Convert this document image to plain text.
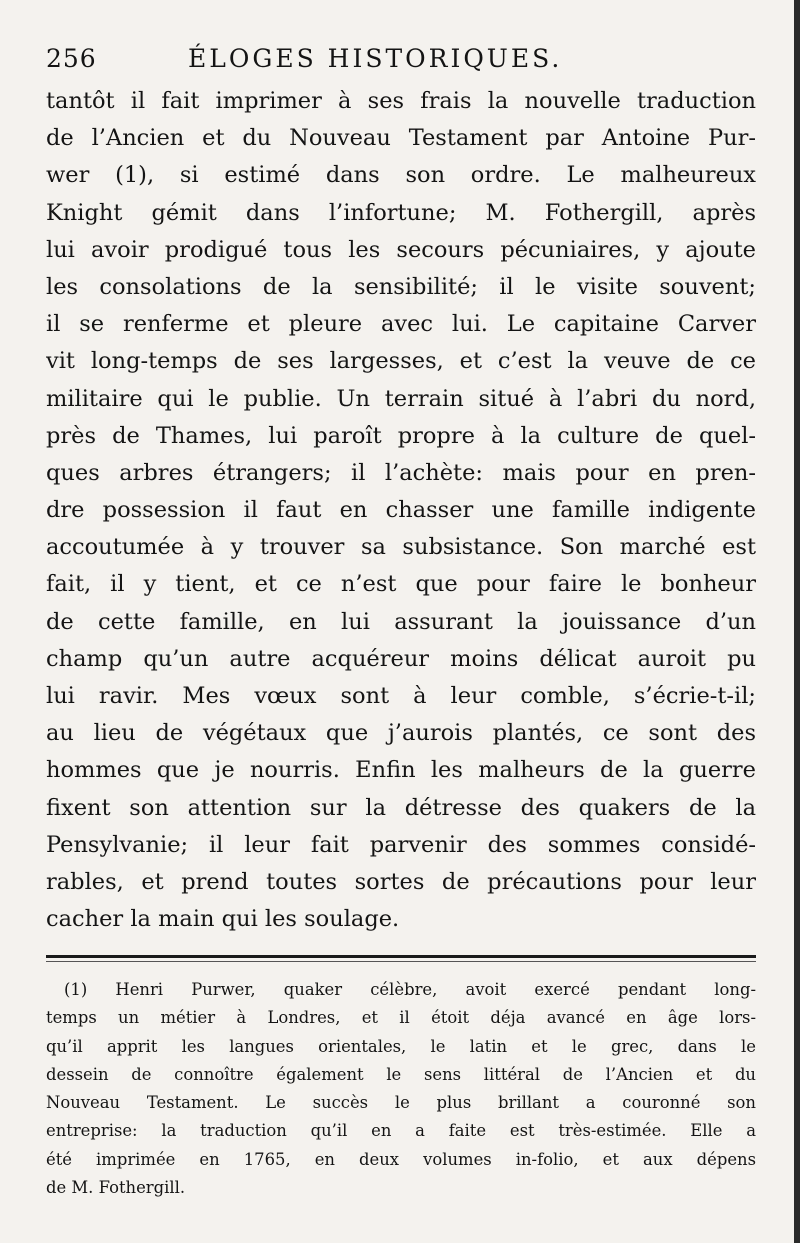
256	ÉLOGES HISTORIQUES.
tantôt il fait imprimer à ses frais la nouvelle traduction
de l’Ancien et du Nouveau Testament par Antoine Pur-
wer (1), si estimé dans son ordre. Le malheureux
Knight gémit dans l’infortune; M. Fothergill, après
lui avoir prodigué tous les secours pécuniaires, y ajoute
les consolations de la sensibilité; il le visite souvent;
il se renferme et pleure avec lui. Le capitaine Carver
vit long-temps de ses largesses, et c’est la veuve de ce
militaire qui le publie. Un terrain situé à l’abri du nord,
près de Thames, lui paroît propre à la culture de quel-
ques arbres étrangers; il l’achète: mais pour en pren-
dre possession il faut en chasser une famille indigente
accoutumée à y trouver sa subsistance. Son marché est
fait, il y tient, et ce n’est que pour faire le bonheur
de cette famille, en lui assurant la jouissance d’un
champ qu’un autre acquéreur moins délicat auroit pu
lui ravir. Mes vœux sont à leur comble, s’écrie-t-il;
au lieu de végétaux que j’aurois plantés, ce sont des
hommes que je nourris. Enfin les malheurs de la guerre
fixent son attention sur la détresse des quakers de la
Pensylvanie; il leur fait parvenir des sommes considé-
rables, et prend toutes sortes de précautions pour leur
cacher la main qui les soulage.
(1) Henri Purwer, quaker célèbre, avoit exercé pendant long-
temps un métier à Londres, et il étoit déja avancé en âge lors-
qu’il apprit les langues orientales, le latin et le grec, dans le
dessein de connoître également le sens littéral de l’Ancien et du
Nouveau Testament. Le succès le plus brillant a couronné son
entreprise: la traduction qu’il en a faite est très-estimée. Elle a
été imprimée en 1765, en deux volumes in-folio, et aux dépens
de M. Fothergill.
